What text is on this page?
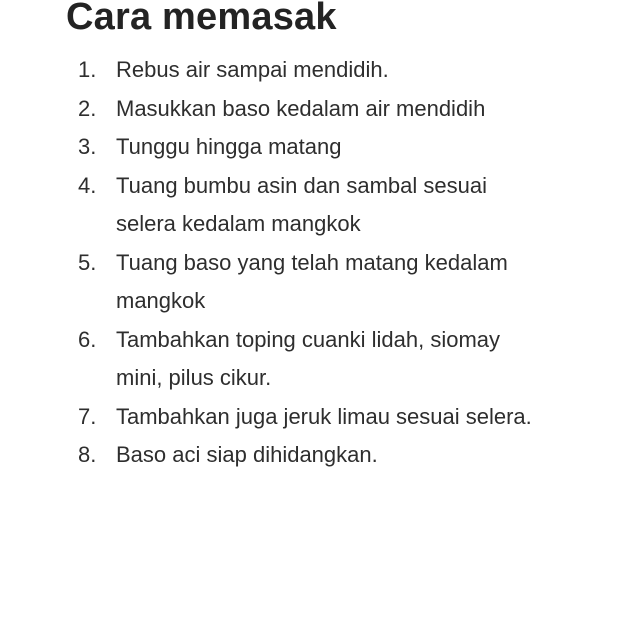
Cara memasak
1. Rebus air sampai mendidih.
2. Masukkan baso kedalam air mendidih
3. Tunggu hingga matang
4. Tuang bumbu asin dan sambal sesuai selera kedalam mangkok
5. Tuang baso yang telah matang kedalam mangkok
6. Tambahkan toping cuanki lidah, siomay mini, pilus cikur.
7. Tambahkan juga jeruk limau sesuai selera.
8. Baso aci siap dihidangkan.
